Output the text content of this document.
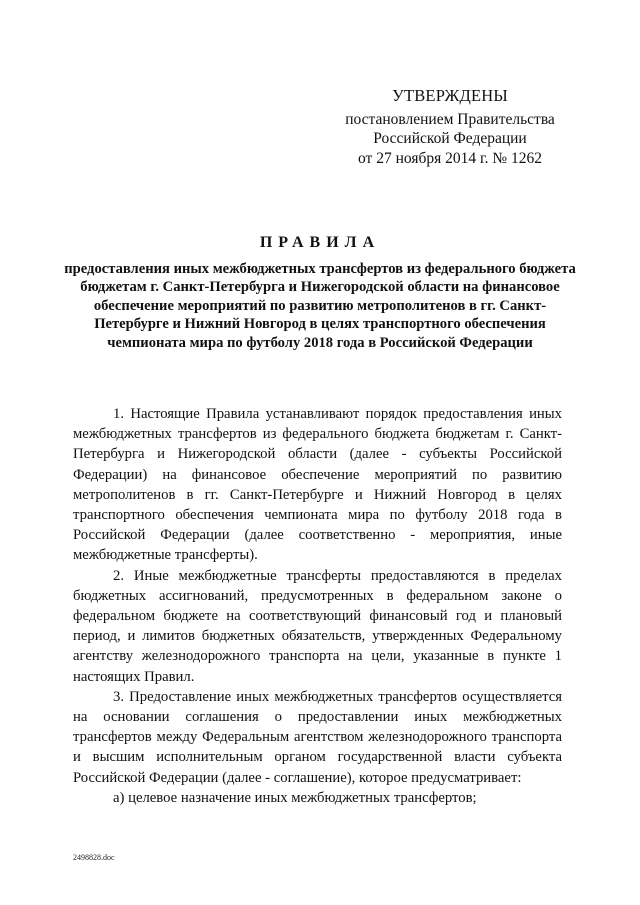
УТВЕРЖДЕНЫ
постановлением Правительства
Российской Федерации
от 27 ноября 2014 г. № 1262
ПРАВИЛА
предоставления иных межбюджетных трансфертов из федерального бюджета бюджетам г. Санкт-Петербурга и Нижегородской области на финансовое обеспечение мероприятий по развитию метрополитенов в гг. Санкт-Петербурге и Нижний Новгород в целях транспортного обеспечения чемпионата мира по футболу 2018 года в Российской Федерации

1. Настоящие Правила устанавливают порядок предоставления иных межбюджетных трансфертов из федерального бюджета бюджетам г. Санкт-Петербурга и Нижегородской области (далее - субъекты Российской Федерации) на финансовое обеспечение мероприятий по развитию метрополитенов в гг. Санкт-Петербурге и Нижний Новгород в целях транспортного обеспечения чемпионата мира по футболу 2018 года в Российской Федерации (далее соответственно - мероприятия, иные межбюджетные трансферты).

2. Иные межбюджетные трансферты предоставляются в пределах бюджетных ассигнований, предусмотренных в федеральном законе о федеральном бюджете на соответствующий финансовый год и плановый период, и лимитов бюджетных обязательств, утвержденных Федеральному агентству железнодорожного транспорта на цели, указанные в пункте 1 настоящих Правил.

3. Предоставление иных межбюджетных трансфертов осуществляется на основании соглашения о предоставлении иных межбюджетных трансфертов между Федеральным агентством железнодорожного транспорта и высшим исполнительным органом государственной власти субъекта Российской Федерации (далее - соглашение), которое предусматривает:

а) целевое назначение иных межбюджетных трансфертов;

2498828.doc
